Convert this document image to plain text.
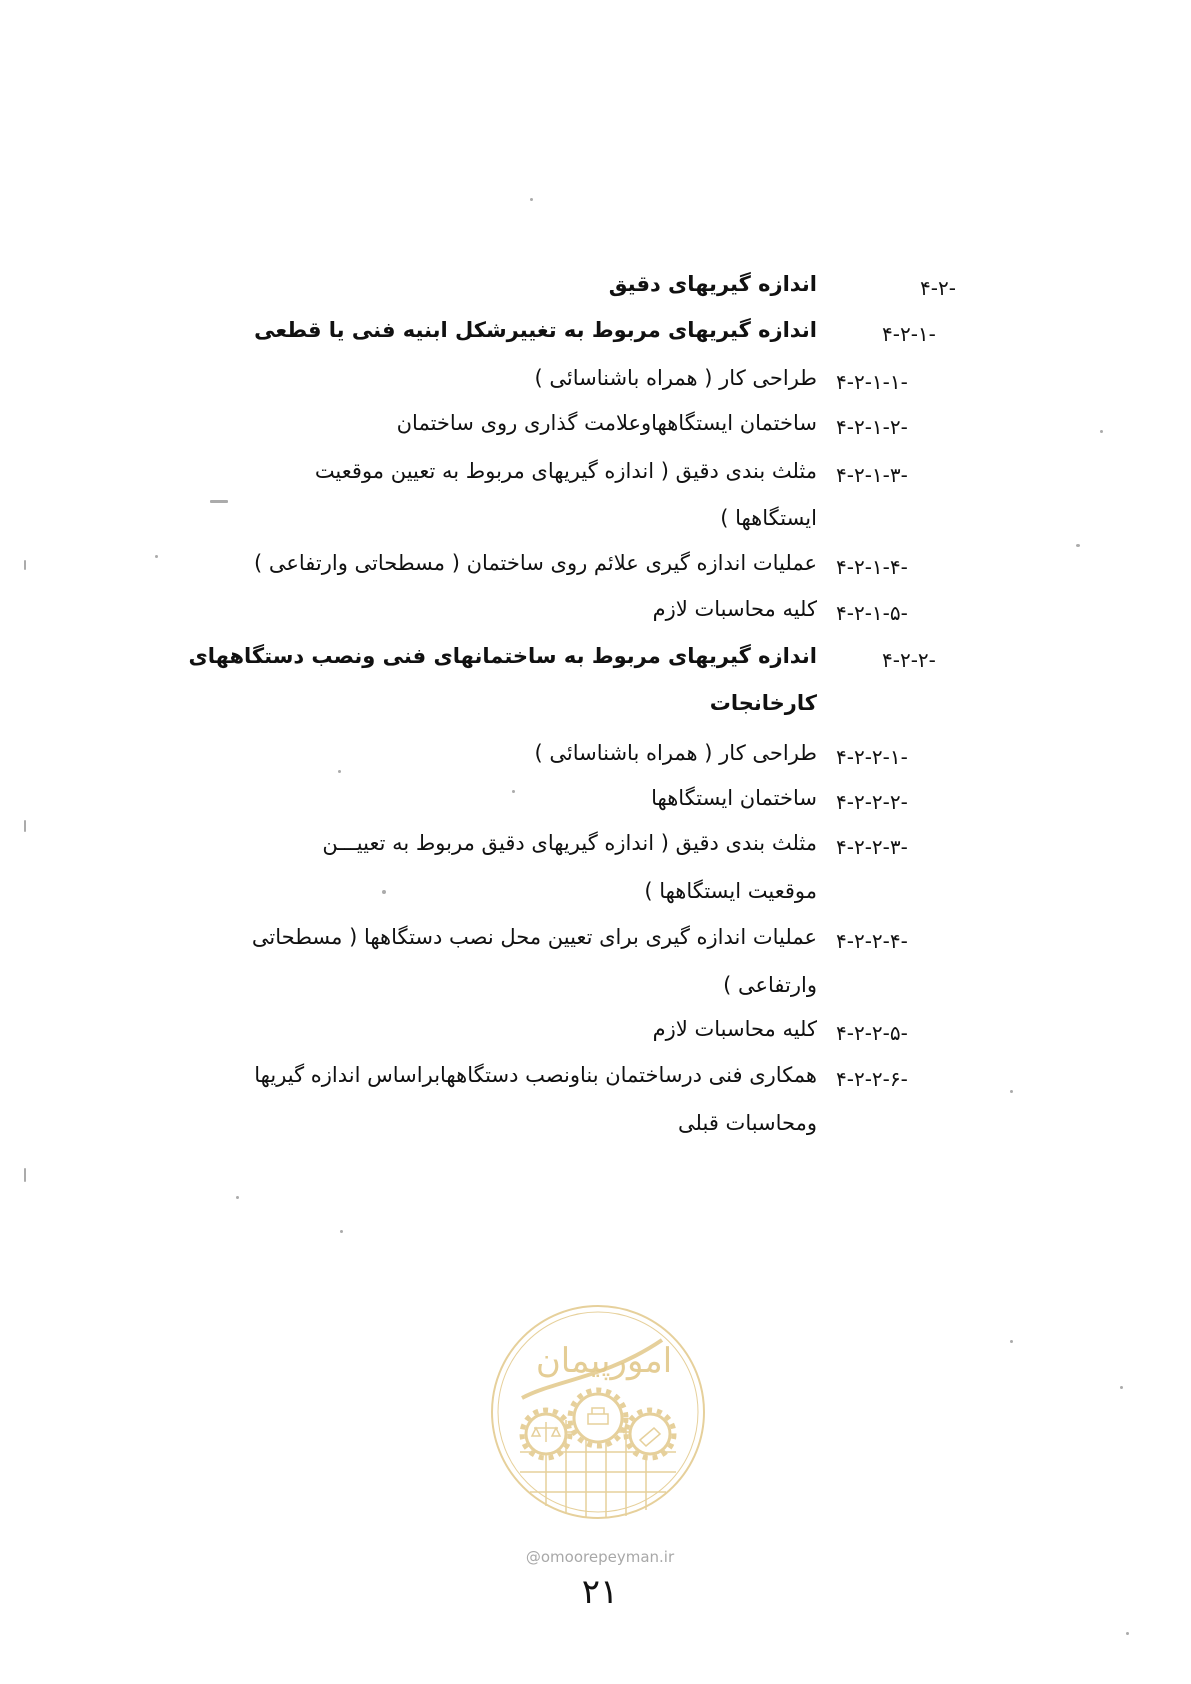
۴-۲-
اندازه گیریهای دقیق
۴-۲-۱-
اندازه گیریهای مربوط به تغییرشکل ابنیه فنی یا قطعی
۴-۲-۱-۱-
طراحی کار ( همراه باشناسائی )
۴-۲-۱-۲-
ساختمان ایستگاههاوعلامت گذاری روی ساختمان
۴-۲-۱-۳-
مثلث بندی دقیق ( اندازه گیریهای مربوط به تعیین موقعیت
ایستگاهها )
۴-۲-۱-۴-
عملیات اندازه گیری علائم روی ساختمان ( مسطحاتی وارتفاعی )
۴-۲-۱-۵-
کلیه محاسبات لازم
۴-۲-۲-
اندازه گیریهای مربوط به ساختمانهای فنی ونصب دستگاههای
کارخانجات
۴-۲-۲-۱-
طراحی کار ( همراه باشناسائی )
۴-۲-۲-۲-
ساختمان ایستگاهها
۴-۲-۲-۳-
مثلث بندی دقیق ( اندازه گیریهای دقیق مربوط به تعییـــن
موقعیت ایستگاهها )
۴-۲-۲-۴-
عملیات اندازه گیری برای تعیین محل نصب دستگاهها ( مسطحاتی
وارتفاعی )
۴-۲-۲-۵-
کلیه محاسبات لازم
۴-۲-۲-۶-
همکاری فنی درساختمان بناونصب دستگاههابراساس اندازه گیریها
ومحاسبات قبلی
امورپیمان
@omoorepeyman.ir
۲۱
